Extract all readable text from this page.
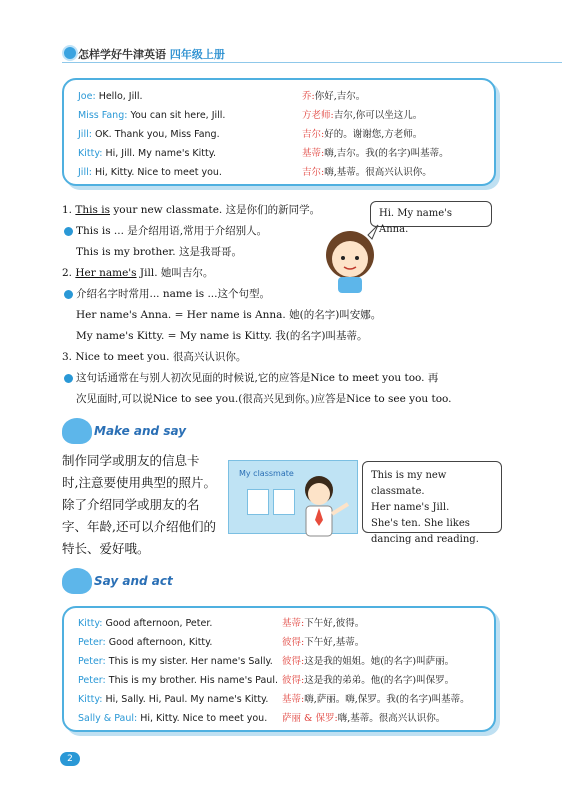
怎样学好牛津英语 四年级上册
Joe: Hello, Jill.
Miss Fang: You can sit here, Jill.
Jill: OK. Thank you, Miss Fang.
Kitty: Hi, Jill. My name's Kitty.
Jill: Hi, Kitty. Nice to meet you.
乔:你好,吉尔。
方老师:吉尔,你可以坐这儿。
吉尔:好的。谢谢您,方老师。
基蒂:嗨,吉尔。我(的名字)叫基蒂。
吉尔:嗨,基蒂。很高兴认识你。
1. This is your new classmate. 这是你们的新同学。
This is ... 是介绍用语,常用于介绍别人。
This is my brother. 这是我哥哥。
2. Her name's Jill. 她叫吉尔。
介绍名字时常用... name is ...这个句型。
Her name's Anna. = Her name is Anna. 她(的名字)叫安娜。
My name's Kitty. = My name is Kitty. 我(的名字)叫基蒂。
3. Nice to meet you. 很高兴认识你。
这句话通常在与别人初次见面的时候说,它的应答是Nice to meet you too. 再
次见面时,可以说Nice to see you.(很高兴见到你。)应答是Nice to see you too.
Hi. My name's Anna.
Make and say
制作同学或朋友的信息卡
时,注意要使用典型的照片。
除了介绍同学或朋友的名
字、年龄,还可以介绍他们的
特长、爱好哦。
My classmate	This is my new classmate.
Her name's Jill.
She's ten. She likes
dancing and reading.
Say and act
Kitty: Good afternoon, Peter.
Peter: Good afternoon, Kitty.
Peter: This is my sister. Her name's Sally.
Peter: This is my brother. His name's Paul.
Kitty: Hi, Sally. Hi, Paul. My name's Kitty.
Sally & Paul: Hi, Kitty. Nice to meet you.
基蒂:下午好,彼得。
彼得:下午好,基蒂。
彼得:这是我的姐姐。她(的名字)叫萨丽。
彼得:这是我的弟弟。他(的名字)叫保罗。
基蒂:嗨,萨丽。嗨,保罗。我(的名字)叫基蒂。
萨丽 & 保罗:嗨,基蒂。很高兴认识你。
2
